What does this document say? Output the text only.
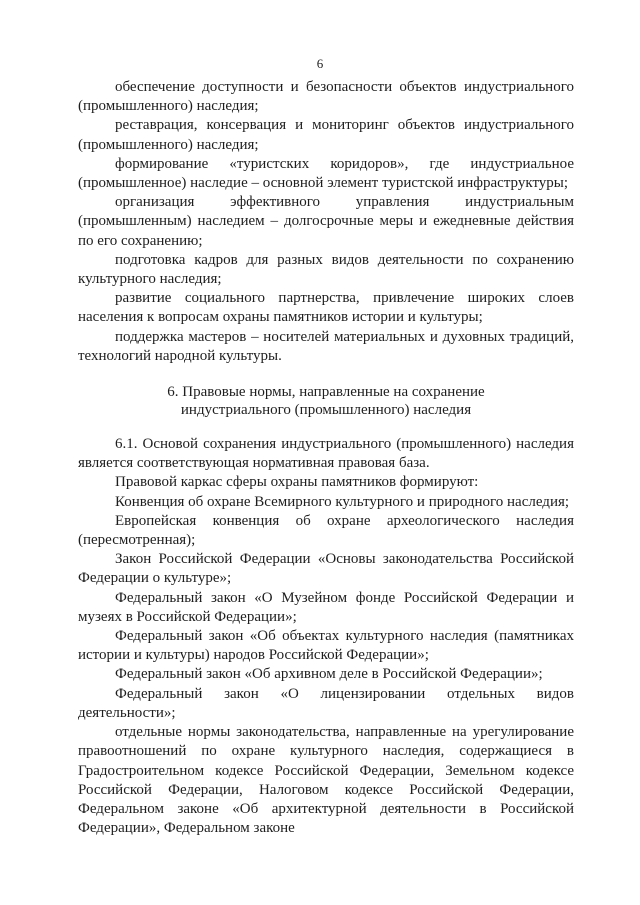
6

обеспечение доступности и безопасности объектов индустриального (промышленного) наследия;

реставрация, консервация и мониторинг объектов индустриального (промышленного) наследия;

формирование «туристских коридоров», где индустриальное (промышленное) наследие – основной элемент туристской инфраструктуры;

организация эффективного управления индустриальным (промышленным) наследием – долгосрочные меры и ежедневные действия по его сохранению;

подготовка кадров для разных видов деятельности по сохранению культурного наследия;

развитие социального партнерства, привлечение широких слоев населения к вопросам охраны памятников истории и культуры;

поддержка мастеров – носителей материальных и духовных традиций, технологий народной культуры.

6. Правовые нормы, направленные на сохранение
индустриального (промышленного) наследия

6.1. Основой сохранения индустриального (промышленного) наследия является соответствующая нормативная правовая база.

Правовой каркас сферы охраны памятников формируют:

Конвенция об охране Всемирного культурного и природного наследия;

Европейская конвенция об охране археологического наследия (пересмотренная);

Закон Российской Федерации «Основы законодательства Российской Федерации о культуре»;

Федеральный закон «О Музейном фонде Российской Федерации и музеях в Российской Федерации»;

Федеральный закон «Об объектах культурного наследия (памятниках истории и культуры) народов Российской Федерации»;

Федеральный закон «Об архивном деле в Российской Федерации»;

Федеральный закон «О лицензировании отдельных видов деятельности»;

отдельные нормы законодательства, направленные на урегулирование правоотношений по охране культурного наследия, содержащиеся в Градостроительном кодексе Российской Федерации, Земельном кодексе Российской Федерации, Налоговом кодексе Российской Федерации, Федеральном законе «Об архитектурной деятельности в Российской Федерации», Федеральном законе
